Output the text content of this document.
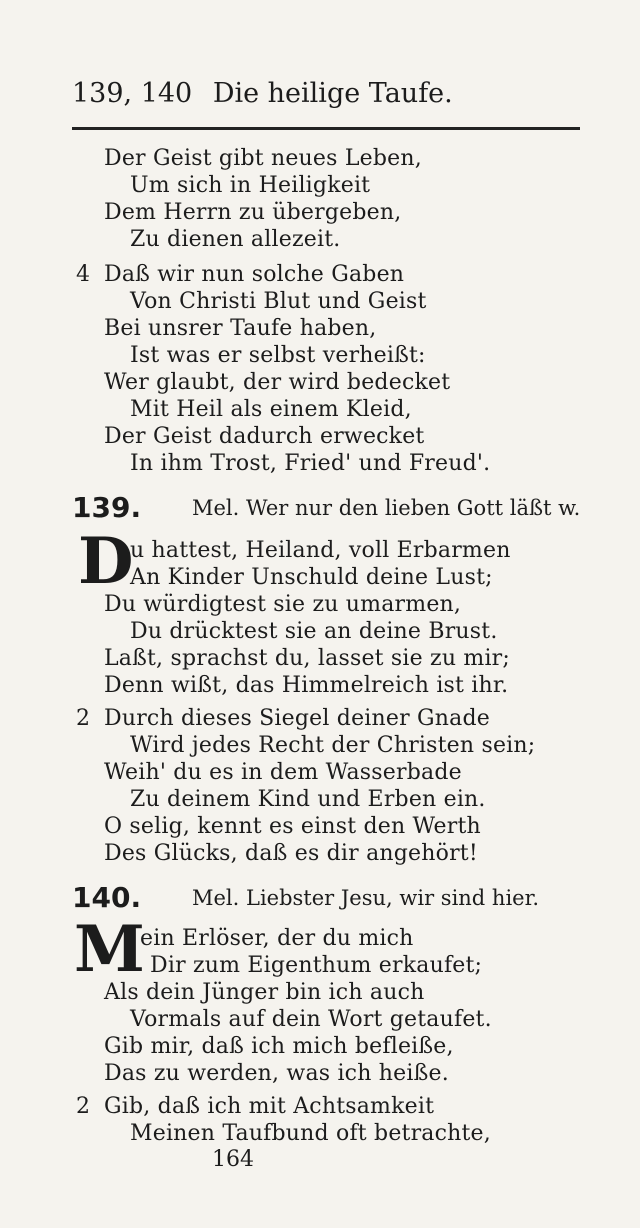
139, 140 Die heilige Taufe.
Der Geist gibt neues Leben,
Um sich in Heiligkeit
Dem Herrn zu übergeben,
Zu dienen allezeit.
4 Daß wir nun solche Gaben
Von Christi Blut und Geist
Bei unsrer Taufe haben,
Ist was er selbst verheißt:
Wer glaubt, der wird bedecket
Mit Heil als einem Kleid,
Der Geist dadurch erwecket
In ihm Trost, Fried' und Freud'.
139. Mel. Wer nur den lieben Gott läßt w.
D
u hattest, Heiland, voll Erbarmen
An Kinder Unschuld deine Lust;
Du würdigtest sie zu umarmen,
Du drücktest sie an deine Brust.
Laßt, sprachst du, lasset sie zu mir;
Denn wißt, das Himmelreich ist ihr.
2 Durch dieses Siegel deiner Gnade
Wird jedes Recht der Christen sein;
Weih' du es in dem Wasserbade
Zu deinem Kind und Erben ein.
O selig, kennt es einst den Werth
Des Glücks, daß es dir angehört!
140. Mel. Liebster Jesu, wir sind hier.
M
ein Erlöser, der du mich
Dir zum Eigenthum erkaufet;
Als dein Jünger bin ich auch
Vormals auf dein Wort getaufet.
Gib mir, daß ich mich befleiße,
Das zu werden, was ich heiße.
2 Gib, daß ich mit Achtsamkeit
Meinen Taufbund oft betrachte,
164
